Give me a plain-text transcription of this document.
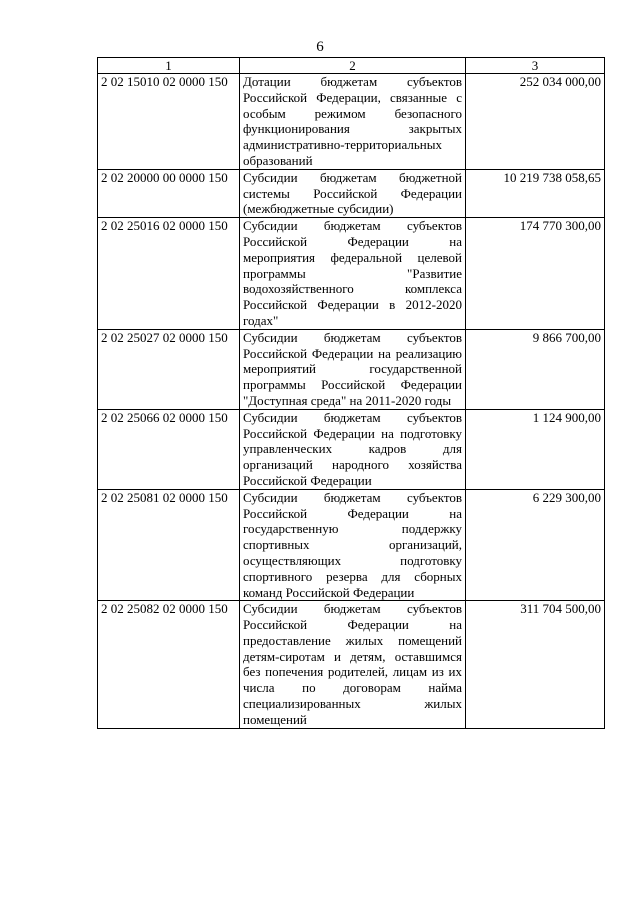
6
1	2	3
2 02 15010 02 0000 150	Дотации бюджетам субъектов Российской Федерации, связанные с особым режимом безопасного функционирования закрытых административно-территориальных образований	252 034 000,00
2 02 20000 00 0000 150	Субсидии бюджетам бюджетной системы Российской Федерации (межбюджетные субсидии)	10 219 738 058,65
2 02 25016 02 0000 150	Субсидии бюджетам субъектов Российской Федерации на мероприятия федеральной целевой программы "Развитие водохозяйственного комплекса Российской Федерации в 2012-2020 годах"	174 770 300,00
2 02 25027 02 0000 150	Субсидии бюджетам субъектов Российской Федерации на реализацию мероприятий государственной программы Российской Федерации "Доступная среда" на 2011-2020 годы	9 866 700,00
2 02 25066 02 0000 150	Субсидии бюджетам субъектов Российской Федерации на подготовку управленческих кадров для организаций народного хозяйства Российской Федерации	1 124 900,00
2 02 25081 02 0000 150	Субсидии бюджетам субъектов Российской Федерации на государственную поддержку спортивных организаций, осуществляющих подготовку спортивного резерва для сборных команд Российской Федерации	6 229 300,00
2 02 25082 02 0000 150	Субсидии бюджетам субъектов Российской Федерации на предоставление жилых помещений детям-сиротам и детям, оставшимся без попечения родителей, лицам из их числа по договорам найма специализированных жилых помещений	311 704 500,00
